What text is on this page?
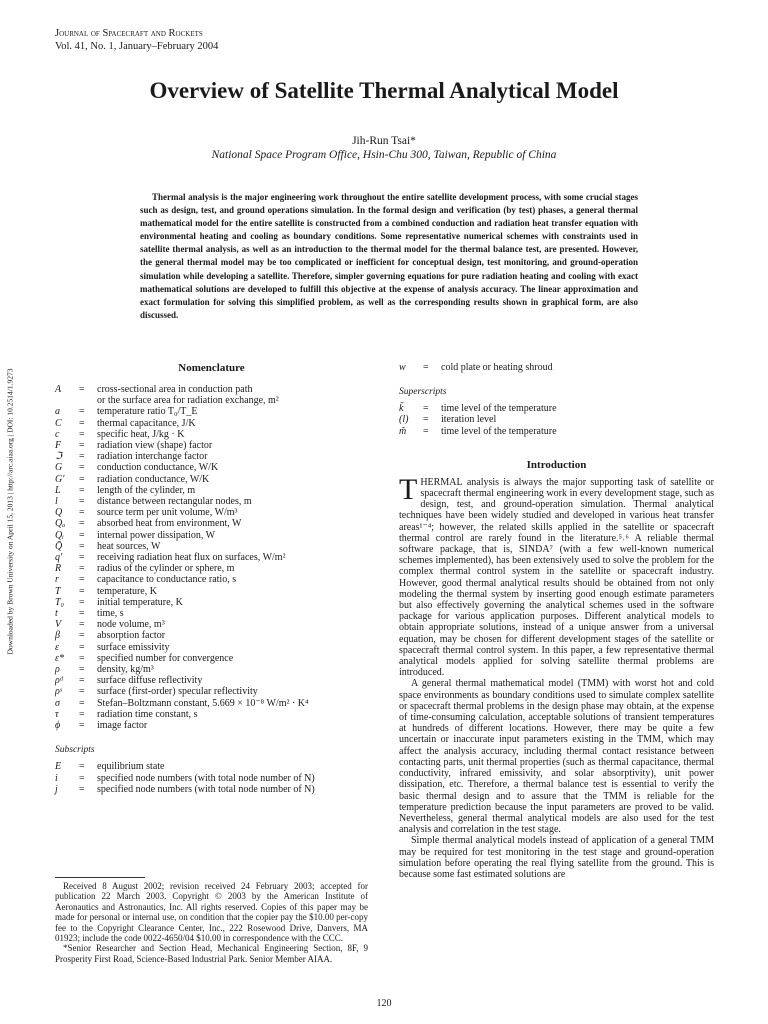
Journal of Spacecraft and Rockets
Vol. 41, No. 1, January–February 2004
Overview of Satellite Thermal Analytical Model
Jih-Run Tsai*
National Space Program Office, Hsin-Chu 300, Taiwan, Republic of China

Thermal analysis is the major engineering work throughout the entire satellite development process, with some crucial stages such as design, test, and ground operations simulation. In the formal design and verification (by test) phases, a general thermal mathematical model for the entire satellite is constructed from a combined conduction and radiation heat transfer equation with environmental heating and cooling as boundary conditions. Some representative numerical schemes with constraints used in satellite thermal analysis, as well as an introduction to the thermal model for the thermal balance test, are presented. However, the general thermal model may be too complicated or inefficient for conceptual design, test monitoring, and ground-operation simulation while developing a satellite. Therefore, simpler governing equations for pure radiation heating and cooling with exact mathematical solutions are developed to fulfill this objective at the expense of analysis accuracy. The linear approximation and exact formulation for solving this simplified problem, as well as the corresponding results shown in graphical form, are also discussed.

Downloaded by Brown University on April 15, 2013 | http://arc.aiaa.org | DOI: 10.2514/1.9273
Nomenclature
A	=	cross-sectional area in conduction path
or the surface area for radiation exchange, m²
a	=	temperature ratio T₀/T_E
C	=	thermal capacitance, J/K
c	=	specific heat, J/kg · K
F	=	radiation view (shape) factor
ℑ	=	radiation interchange factor
G	=	conduction conductance, W/K
G′	=	radiation conductance, W/K
L	=	length of the cylinder, m
l	=	distance between rectangular nodes, m
Q	=	source term per unit volume, W/m³
Qₐ	=	absorbed heat from environment, W
Qᵢ	=	internal power dissipation, W
Q̄	=	heat sources, W
q′	=	receiving radiation heat flux on surfaces, W/m²
R	=	radius of the cylinder or sphere, m
r	=	capacitance to conductance ratio, s
T	=	temperature, K
T₀	=	initial temperature, K
t	=	time, s
V	=	node volume, m³
β	=	absorption factor
ε	=	surface emissivity
ε*	=	specified number for convergence
ρ	=	density, kg/m³
ρᵈ	=	surface diffuse reflectivity
ρˢ	=	surface (first-order) specular reflectivity
σ	=	Stefan–Boltzmann constant, 5.669 × 10⁻⁸ W/m² · K⁴
τ	=	radiation time constant, s
ϕ	=	image factor
Subscripts
E	=	equilibrium state
i	=	specified node numbers (with total node number of N)
j	=	specified node numbers (with total node number of N)

Received 8 August 2002; revision received 24 February 2003; accepted for publication 22 March 2003. Copyright © 2003 by the American Institute of Aeronautics and Astronautics, Inc. All rights reserved. Copies of this paper may be made for personal or internal use, on condition that the copier pay the $10.00 per-copy fee to the Copyright Clearance Center, Inc., 222 Rosewood Drive, Danvers, MA 01923; include the code 0022-4650/04 $10.00 in correspondence with the CCC.

*Senior Researcher and Section Head, Mechanical Engineering Section, 8F, 9 Prosperity First Road, Science-Based Industrial Park. Senior Member AIAA.

w	=	cold plate or heating shroud
Superscripts
k̃	=	time level of the temperature
(l)	=	iteration level
m̃	=	time level of the temperature
Introduction

THERMAL analysis is always the major supporting task of satellite or spacecraft thermal engineering work in every development stage, such as design, test, and ground-operation simulation. Thermal analytical techniques have been widely studied and developed in various heat transfer areas¹⁻⁴; however, the related skills applied in the satellite or spacecraft thermal control are rarely found in the literature.⁵˒⁶ A reliable thermal software package, that is, SINDA⁷ (with a few well-known numerical schemes implemented), has been extensively used to solve the problem for the complex thermal control system in the satellite or spacecraft industry. However, good thermal analytical results should be obtained from not only modeling the thermal system by inserting good enough estimate parameters but also effectively governing the analytical schemes used in the software package for various application purposes. Different analytical models to obtain appropriate solutions, instead of a unique answer from a universal equation, may be chosen for different development stages of the satellite or spacecraft thermal control system. In this paper, a few representative thermal analytical models applied for solving satellite thermal problems are introduced.

A general thermal mathematical model (TMM) with worst hot and cold space environments as boundary conditions used to simulate complex satellite or spacecraft thermal problems in the design phase may obtain, at the expense of time-consuming calculation, acceptable solutions of transient temperatures at hundreds of different locations. However, there may be quite a few uncertain or inaccurate input parameters existing in the TMM, which may affect the analysis accuracy, including thermal contact resistance between contacting parts, unit thermal properties (such as thermal capacitance, thermal conductivity, infrared emissivity, and solar absorptivity), unit power dissipation, etc. Therefore, a thermal balance test is essential to verify the basic thermal design and to assure that the TMM is reliable for the temperature prediction because the input parameters are proved to be valid. Nevertheless, general thermal analytical models are also used for the test analysis and correlation in the test stage.

Simple thermal analytical models instead of application of a general TMM may be required for test monitoring in the test stage and ground-operation simulation before operating the real flying satellite from the ground. This is because some fast estimated solutions are

120
